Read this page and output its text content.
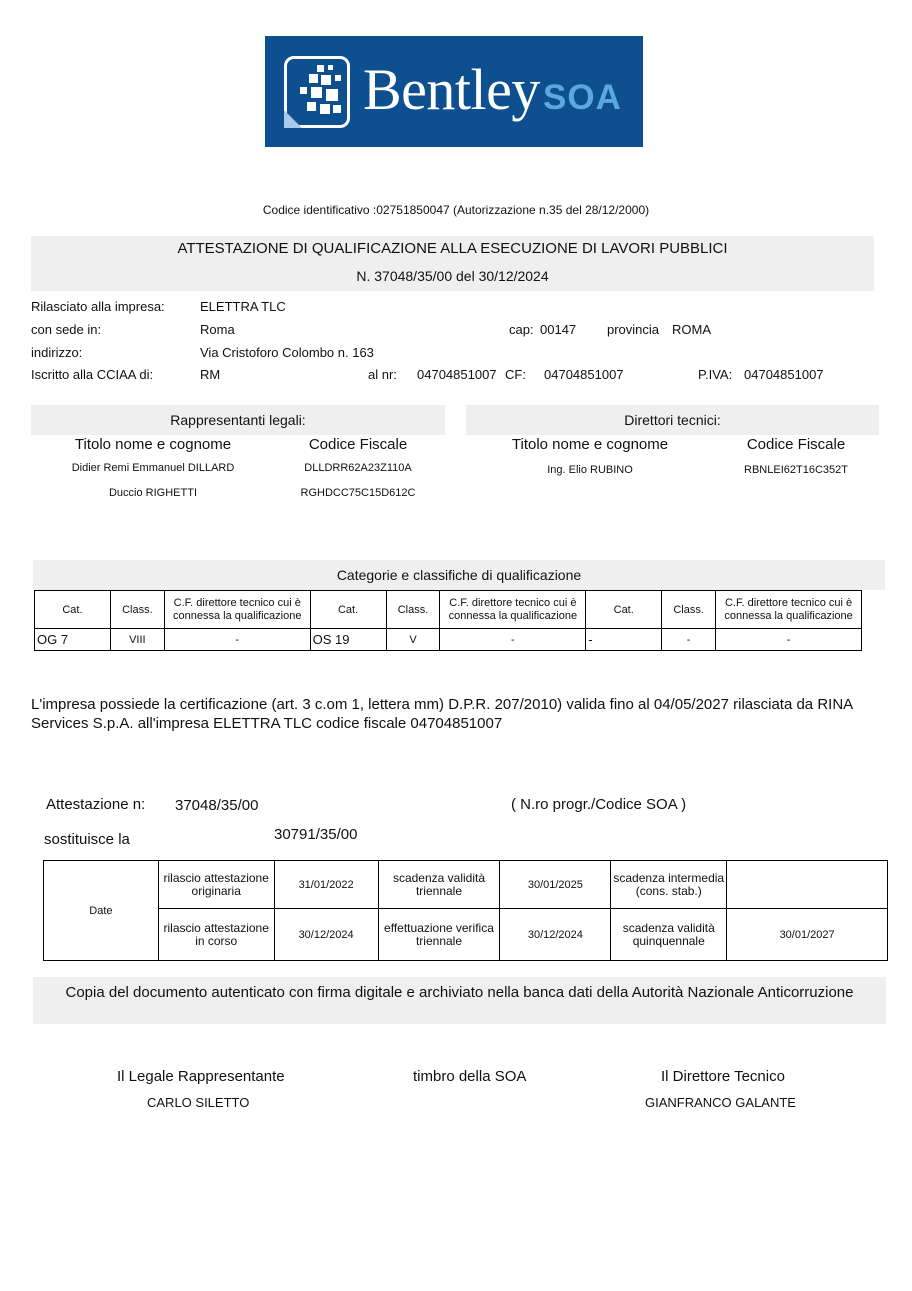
Bentley SOA
Codice identificativo :02751850047 (Autorizzazione n.35 del 28/12/2000)
ATTESTAZIONE DI QUALIFICAZIONE ALLA ESECUZIONE DI LAVORI PUBBLICI
N. 37048/35/00 del 30/12/2024
Rilasciato alla impresa:	ELETTRA TLC
con sede in:	Roma	cap: 00147 provincia ROMA
indirizzo:	Via Cristoforo Colombo n. 163
Iscritto alla CCIAA di:	RM	al nr: 04704851007 CF: 04704851007	P.IVA: 04704851007
Rappresentanti legali:
Titolo nome e cognome	Codice Fiscale
Didier Remi Emmanuel DILLARD	DLLDRR62A23Z110A
Duccio RIGHETTI	RGHDCC75C15D612C
Direttori tecnici:
Titolo nome e cognome	Codice Fiscale
Ing. Elio RUBINO	RBNLEI62T16C352T
Categorie e classifiche di qualificazione
Cat.	Class.	C.F. direttore tecnico cui è connessa la qualificazione	Cat.	Class.	C.F. direttore tecnico cui è connessa la qualificazione	Cat.	Class.	C.F. direttore tecnico cui è connessa la qualificazione
OG 7	VIII	-	OS 19	V	-	-	-	-
L'impresa possiede la certificazione (art. 3 c.om 1, lettera mm) D.P.R. 207/2010) valida fino al 04/05/2027 rilasciata da RINA Services S.p.A. all'impresa ELETTRA TLC codice fiscale 04704851007
Attestazione n: 37048/35/00	( N.ro progr./Codice SOA )
sostituisce la	30791/35/00
Date	rilascio attestazione originaria	31/01/2022	scadenza validità triennale	30/01/2025	scadenza intermedia (cons. stab.)	
	rilascio attestazione in corso	30/12/2024	effettuazione verifica triennale	30/12/2024	scadenza validità quinquennale	30/01/2027
Copia del documento autenticato con firma digitale e archiviato nella banca dati della Autorità Nazionale Anticorruzione
Il Legale Rappresentante
CARLO SILETTO
timbro della SOA	Il Direttore Tecnico
GIANFRANCO GALANTE
